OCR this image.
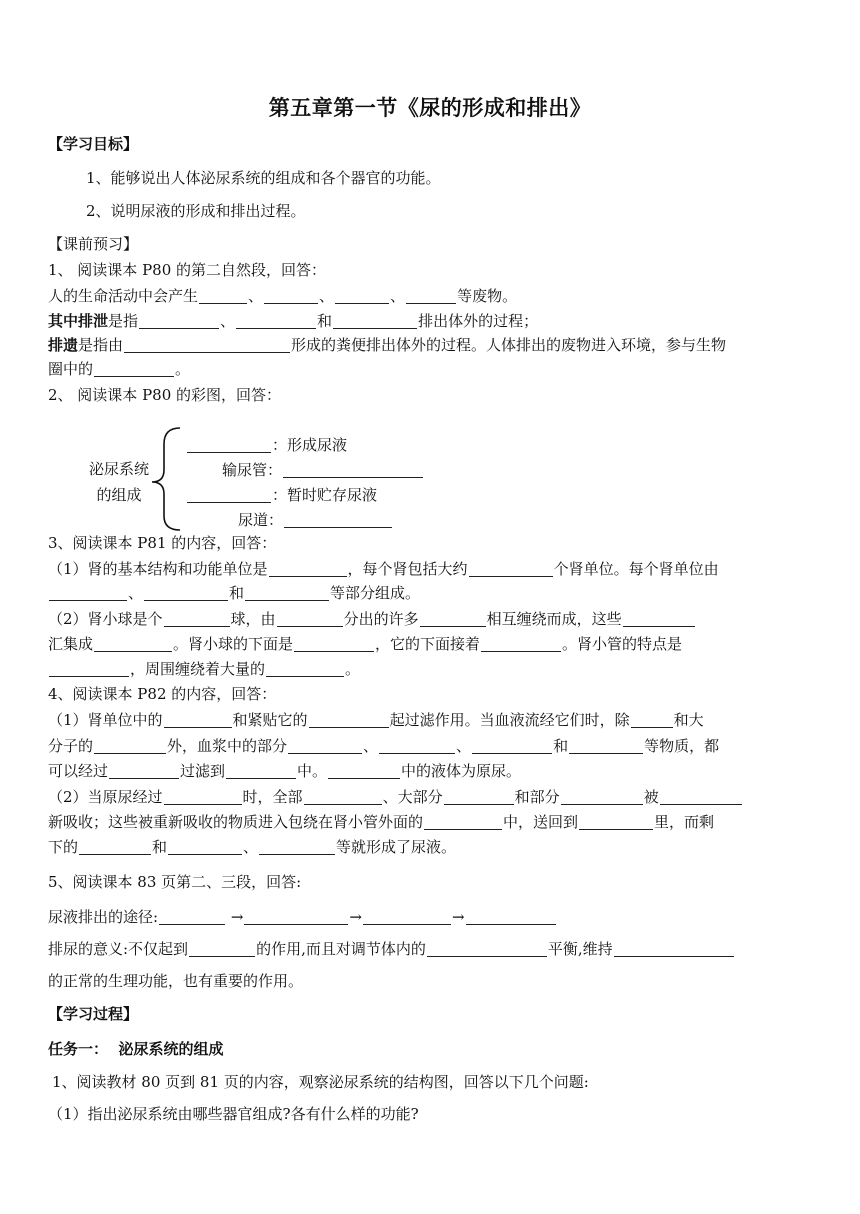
第五章第一节《尿的形成和排出》
【学习目标】
1、能够说出人体泌尿系统的组成和各个器官的功能。
2、说明尿液的形成和排出过程。
【课前预习】
1、 阅读课本 P80 的第二自然段，回答：
人的生命活动中会产生	、	、	、	等废物。
其中排泄是指	、	和	排出体外的过程；
排遗是指由	形成的粪便排出体外的过程。人体排出的废物进入环境，参与生物
圈中的	。
2、 阅读课本 P80 的彩图，回答：
泌尿系统
的组成
：形成尿液
输尿管：
：暂时贮存尿液
尿道：
3、阅读课本 P81 的内容，回答：
（1）肾的基本结构和功能单位是	，每个肾包括大约	个肾单位。每个肾单位由
、	和	等部分组成。
（2）肾小球是个	球，由	分出的许多	相互缠绕而成，这些
汇集成	。肾小球的下面是	，它的下面接着	。肾小管的特点是
，周围缠绕着大量的	。
4、阅读课本 P82 的内容，回答：
（1）肾单位中的	和紧贴它的	起过滤作用。当血液流经它们时，除	和大
分子的	外，血浆中的部分	、	、	和	等物质，都
可以经过	过滤到	中。	中的液体为原尿。
（2）当原尿经过	时，全部	、大部分	和部分	被
新吸收；这些被重新吸收的物质进入包绕在肾小管外面的	中，送回到	里，而剩
下的	和	、	等就形成了尿液。
5、阅读课本 83 页第二、三段，回答:
尿液排出的途径:	→	→	→
排尿的意义:不仅起到	的作用,而且对调节体内的	平衡,维持
的正常的生理功能，也有重要的作用。
【学习过程】
任务一： 泌尿系统的组成
1、阅读教材 80 页到 81 页的内容，观察泌尿系统的结构图，回答以下几个问题:
（1）指出泌尿系统由哪些器官组成?各有什么样的功能?
